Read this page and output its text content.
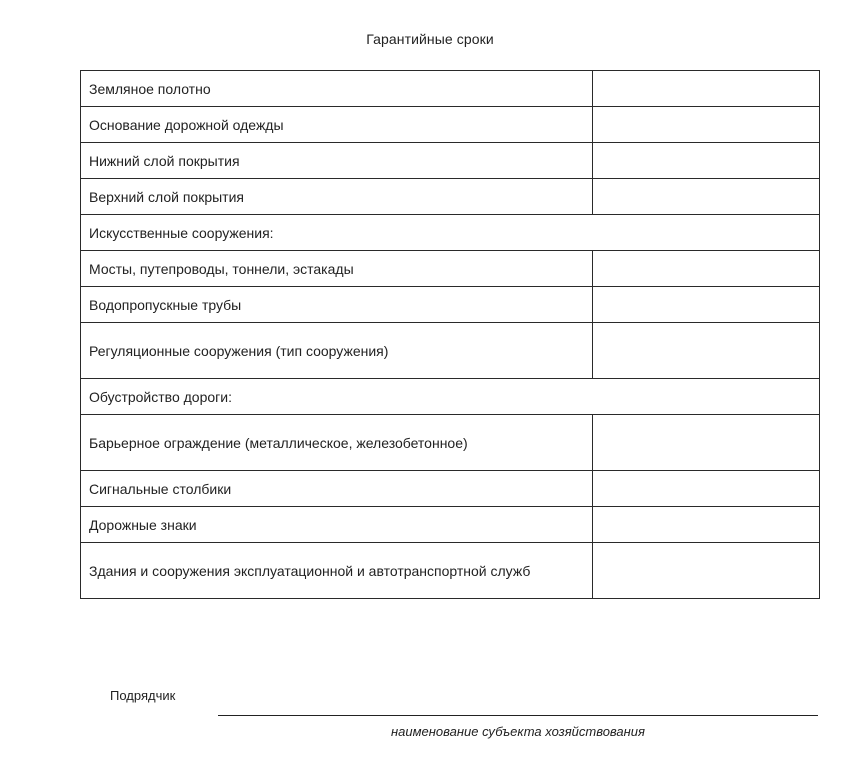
Гарантийные сроки
Земляное полотно	
Основание дорожной одежды	
Нижний слой покрытия	
Верхний слой покрытия	
Искусственные сооружения:	
Мосты, путепроводы, тоннели, эстакады	
Водопропускные трубы	
Регуляционные сооружения (тип сооружения)	
Обустройство дороги:	
Барьерное ограждение (металлическое, железобетонное)	
Сигнальные столбики	
Дорожные знаки	
Здания и сооружения эксплуатационной и автотранспортной служб	
Подрядчик
наименование субъекта хозяйствования
